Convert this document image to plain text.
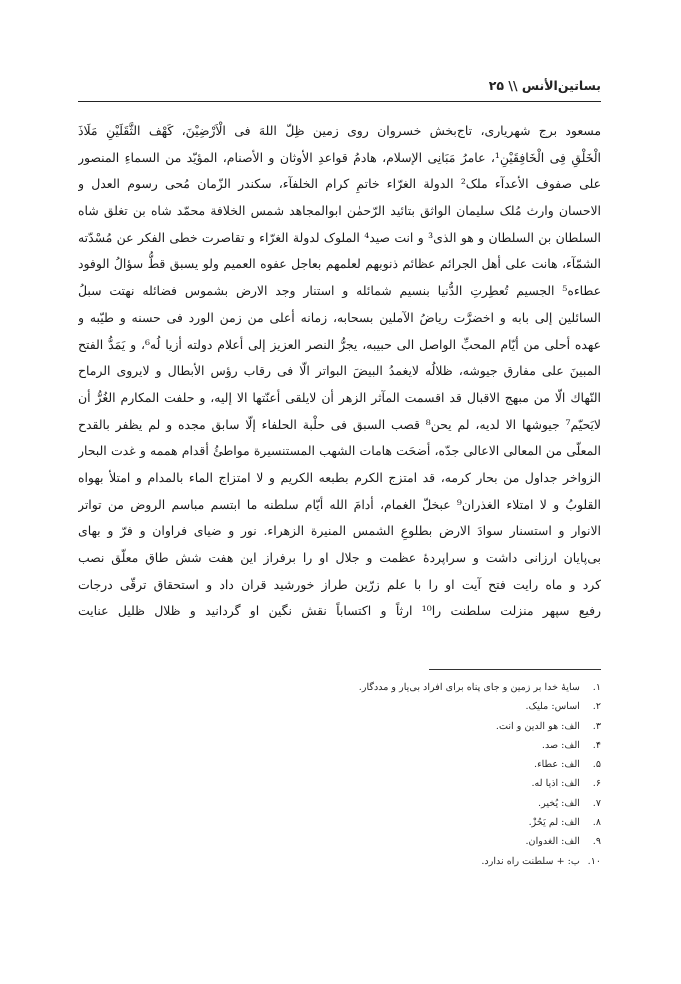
بساتین‌الأنس \\ ۲۵
مسعود برج شهریاری، تاج‌بخش خسروان روی زمین ظِلّ اللهَ فی الْاَرْضِیْنَ، کَهْف الثَّقَلَیْنِ مَلَاذَ
الْخَلْقِ فِی الْخَافِقَیْنِ¹، عامرُ مَبَانِی الإسلام، هادمُ قواعدِ الأوثان و الأصنام، المؤیّد من السماءِ المنصور
علی صفوف الأعدآء ملک² الدولة الغرّاء خاتمِ کرام الخلفآء، سکندر الزّمان مُحی رسوم العدل و
الاحسان وارث مُلک سلیمان الواثق بتائید الرّحمٰن ابوالمجاهد شمس الخلافة محمّد شاه بن تغلق شاه
السلطان بن السلطان و هو الذی³ و انت صید⁴ الملوک لدولة الغرّاء و تقاصرت خطی الفکر عن مُسْدّته
الشمّآء، هانت علی أهل الجرائم عظائم ذنوبهم لعلمهم بعاجل عفوه العمیم ولو یسبق قطُّ سؤالُ الوفود
عطاءه⁵ الجسیم تُعطِرتِ الدُّنیا بنسیم شمائله و استنار وجد الارض بشموس فضائله نهتت سبلُ
السائلین إلی بابه و اخضرَّت ریاضُ الآملین بسحابه، زمانه أعلی من زمن الورد فی حسنه و طیّبه و
عهده أحلی من أیّام المحبِّ الواصل الی حبیبه، یجرُّ النصر العزیز إلی أعلام دولته أزیا لُه⁶، و یَمَدُّ الفتح
المبینَ علی مفارق جیوشه، ظلالُه لایغمدُ البیضَ البواتر الّا فی رقاب رؤس الأبطال و لایروی الرماح
النّهاك الّا من مبهج الاقبال قد اقسمت المآثر الزهر أن لایلقی أعنّتها الا إلیه، و حلفت المکارم الغُرُّ أن
لایَحیّم⁷ جیوشها الا لدیه، لم یحن⁸ قصب السبق فی حلْبة الحلفاء إلّا سابق مجده و لم یظفر بالقدح
المعلّی من المعالی الاعالی جدّه، أضحَت هامات الشهب المستنسیرة مواطئُ أقدام هممه و غدت البحار
الزواخر جداول من بحار کرمه، قد امتزج الکرم بطبعه الکریم و لا امتزاج الماء بالمدام و امتلأ بهواه
القلوبُ و لا امتلاء الغذران⁹ عبخلّ الغمام، أدامَ الله أیّام سلطنه ما ابتسم مباسم الروض من تواتر
الانوار و استسنار سوادَ الارض بطلوعِ الشمس المنیرة الزهراء. نور و ضیای فراوان و فرّ و بهای
بی‌پایان ارزانی داشت و سراپردهٔ عظمت و جلال او را برفراز این هفت شش طاق معلّق نصب
کرد و ماه رایت فتح آیت او را با علم زرّین طراز خورشید قران داد و استحقاق ترقّی درجات
رفیع سپهر منزلت سلطنت را¹⁰ ارثاً و اکتساباً نقش نگین او گردانید و ظلال ظلیل عنایت
۱. سایهٔ خدا بر زمین و جای پناه برای افراد بی‌یار و مددگار.
۲. اساس: ملیک.
۳. الف: هو الدین و انت.
۴. الف: صد.
۵. الف: عطاء.
۶. الف: اذیا له.
۷. الف: یُخیر.
۸. الف: لم یَحُزْ.
۹. الف: الغدوان.
۱۰. ب: + سلطنت راه ندارد.
